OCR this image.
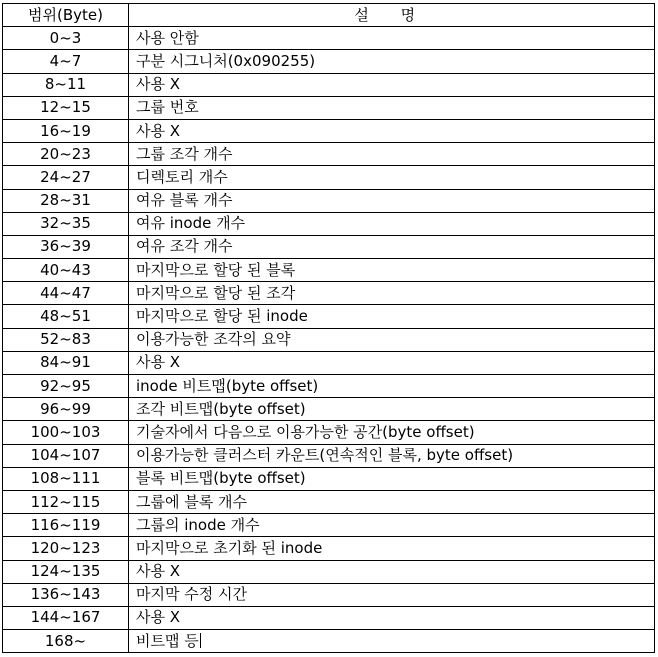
범위(Byte)	설 명
0~3	사용 안함
4~7	구분 시그니처(0x090255)
8~11	사용 X
12~15	그룹 번호
16~19	사용 X
20~23	그룹 조각 개수
24~27	디렉토리 개수
28~31	여유 블록 개수
32~35	여유 inode 개수
36~39	여유 조각 개수
40~43	마지막으로 할당 된 블록
44~47	마지막으로 할당 된 조각
48~51	마지막으로 할당 된 inode
52~83	이용가능한 조각의 요약
84~91	사용 X
92~95	inode 비트맵(byte offset)
96~99	조각 비트맵(byte offset)
100~103	기술자에서 다음으로 이용가능한 공간(byte offset)
104~107	이용가능한 클러스터 카운트(연속적인 블록, byte offset)
108~111	블록 비트맵(byte offset)
112~115	그룹에 블록 개수
116~119	그룹의 inode 개수
120~123	마지막으로 초기화 된 inode
124~135	사용 X
136~143	마지막 수정 시간
144~167	사용 X
168~	비트맵 등
